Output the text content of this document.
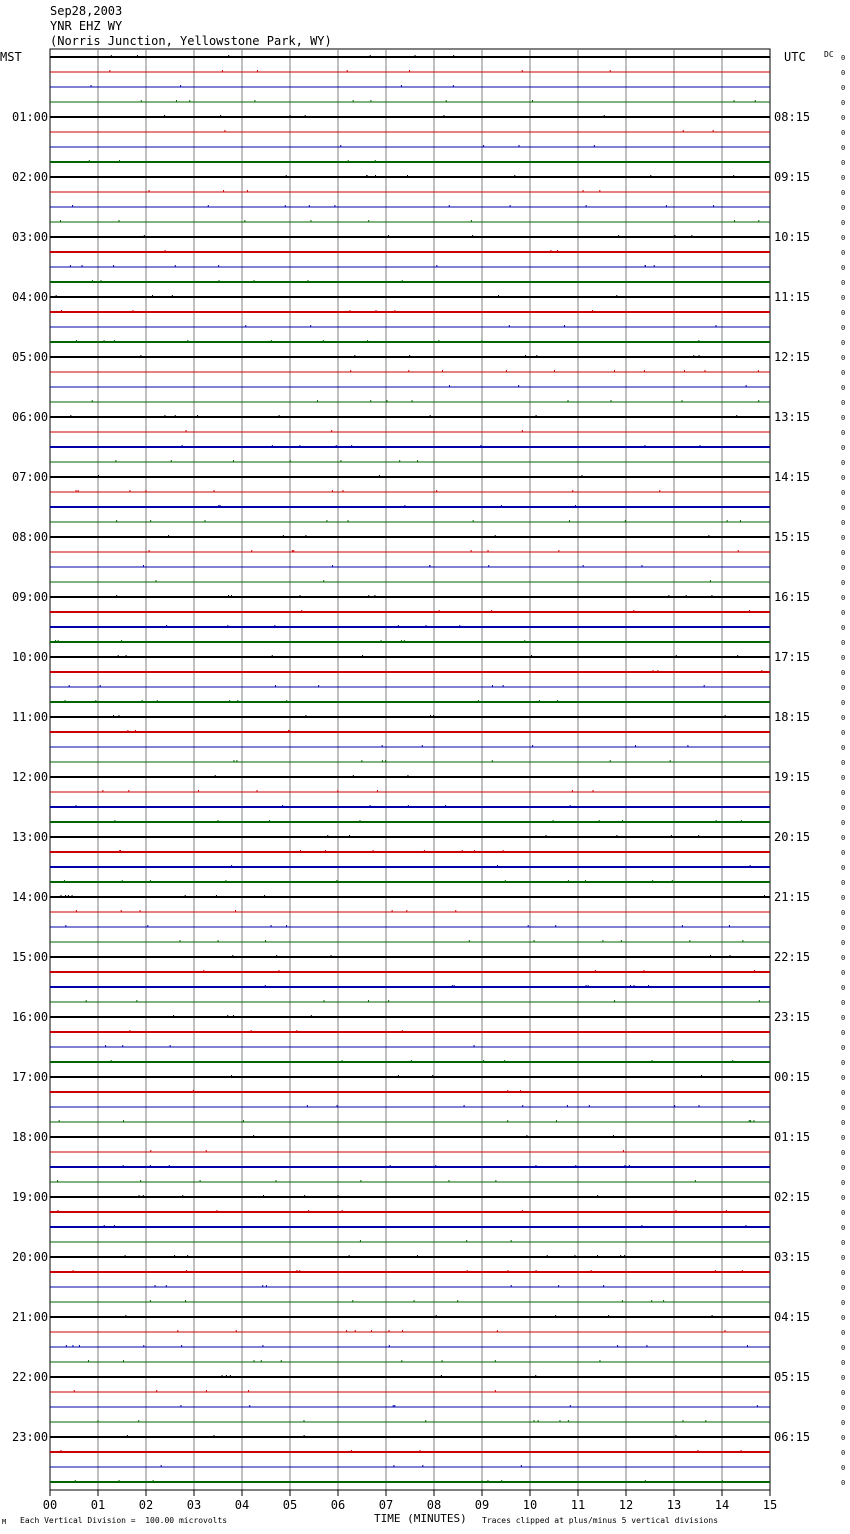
Sep28,2003
YNR EHZ WY
(Norris Junction, Yellowstone Park, WY)
MST	UTC DC 0
0
0
0
0
0
0
0
0
0
0
0
0
0
0
0
0
0
0
0
0
0
0
0
0
0
0
0
0
0
0
0
0
0
0
0
0
0
0
0
0
0
0
0
0
0
0
0
0
0
0
0
0
0
0
0
0
0
0
0
0
0
0
0
0
0
0
0
0
0
0
0
0
0
0
0
0
0
0
0
0
0
0
0
0
0
0
0
0
0
0
0
0
0
0
0
01:00
02:00
03:00
04:00
05:00
06:00
07:00
08:00
09:00
10:00
11:00
12:00
13:00
14:00
15:00
16:00
17:00
18:00
19:00
20:00
21:00
22:00
23:00
08:15
09:15
10:15
11:15
12:15
13:15
14:15
15:15
16:15
17:15
18:15
19:15
20:15
21:15
22:15
23:15
00:15
01:15
02:15
03:15
04:15
05:15
06:15
00	01	02	03	04	05	06	07	08	09	10	11	12	13	14	15
M Each Vertical Division =  100.00 microvolts	TIME (MINUTES) Traces clipped at plus/minus 5 vertical divisions
